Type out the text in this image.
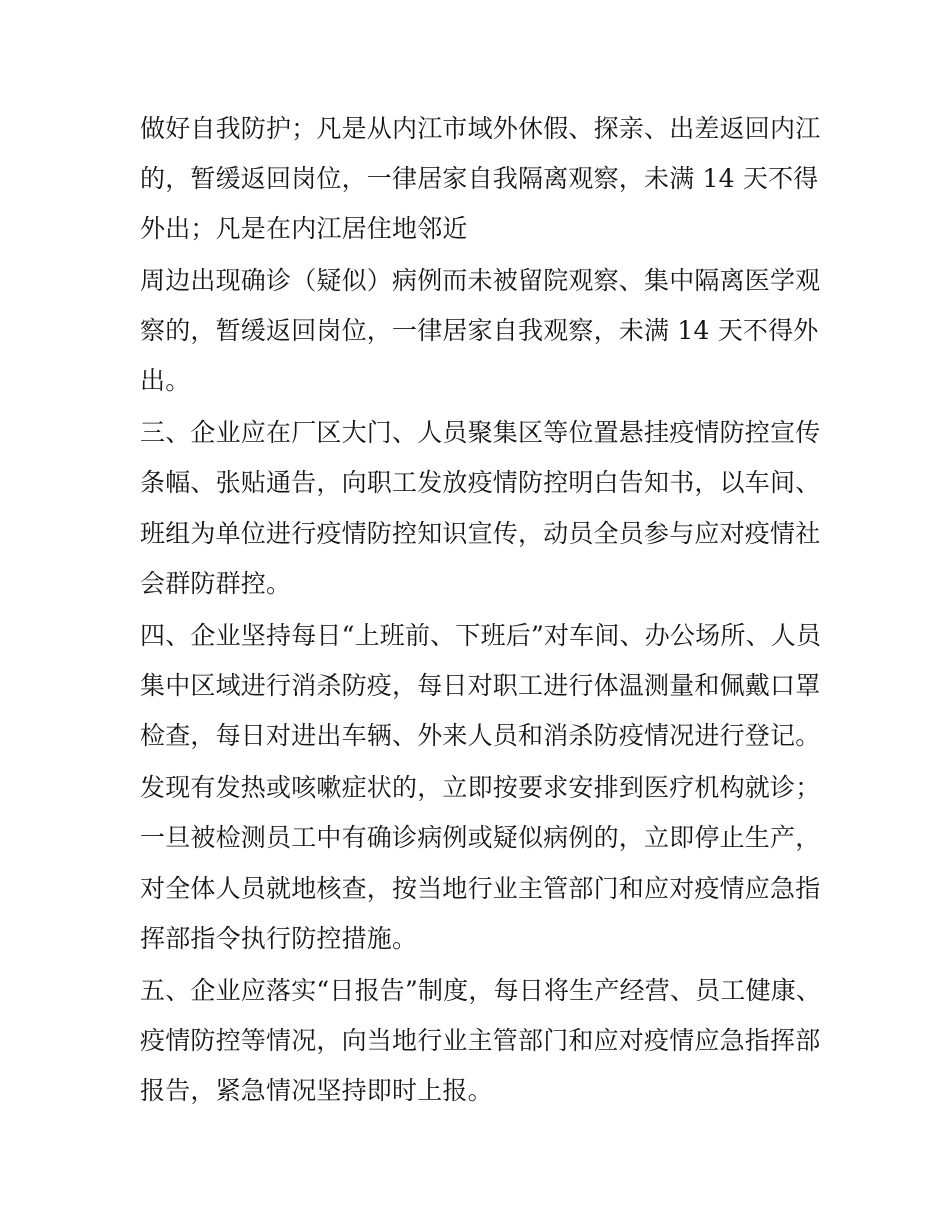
做好自我防护；凡是从内江市域外休假、探亲、出差返回内江
的，暂缓返回岗位，一律居家自我隔离观察，未满 14 天不得
外出；凡是在内江居住地邻近
周边出现确诊（疑似）病例而未被留院观察、集中隔离医学观
察的，暂缓返回岗位，一律居家自我观察，未满 14 天不得外
出。
三、企业应在厂区大门、人员聚集区等位置悬挂疫情防控宣传
条幅、张贴通告，向职工发放疫情防控明白告知书，以车间、
班组为单位进行疫情防控知识宣传，动员全员参与应对疫情社
会群防群控。
四、企业坚持每日“上班前、下班后”对车间、办公场所、人员
集中区域进行消杀防疫，每日对职工进行体温测量和佩戴口罩
检查，每日对进出车辆、外来人员和消杀防疫情况进行登记。
发现有发热或咳嗽症状的，立即按要求安排到医疗机构就诊；
一旦被检测员工中有确诊病例或疑似病例的，立即停止生产，
对全体人员就地核查，按当地行业主管部门和应对疫情应急指
挥部指令执行防控措施。
五、企业应落实“日报告”制度，每日将生产经营、员工健康、
疫情防控等情况，向当地行业主管部门和应对疫情应急指挥部
报告，紧急情况坚持即时上报。
